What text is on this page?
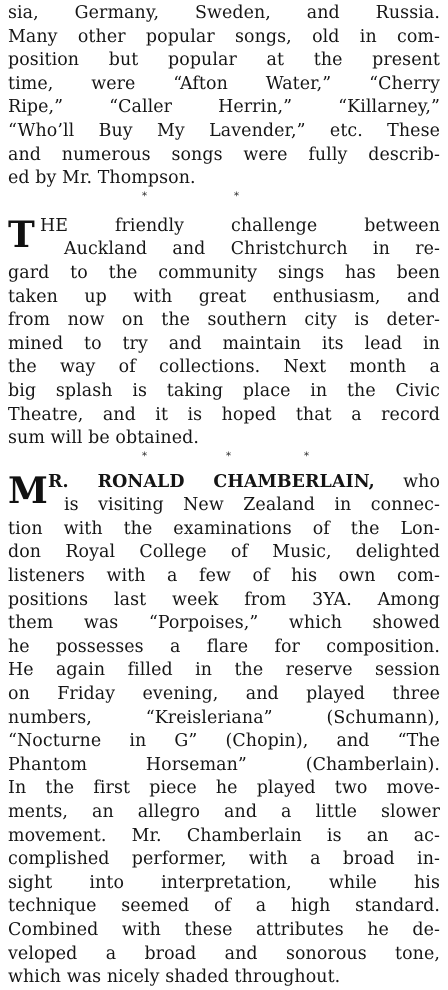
sia, Germany, Sweden, and Russia.
Many other popular songs, old in com-
position but popular at the present
time, were “Afton Water,” “Cherry
Ripe,” “Caller Herrin,” “Killarney,”
“Who’ll Buy My Lavender,” etc. These
and numerous songs were fully describ-
ed by Mr. Thompson.
*	*
T HE friendly challenge between
Auckland and Christchurch in re-
gard to the community sings has been
taken up with great enthusiasm, and
from now on the southern city is deter-
mined to try and maintain its lead in
the way of collections. Next month a
big splash is taking place in the Civic
Theatre, and it is hoped that a record
sum will be obtained.
*	*	*
M R. RONALD CHAMBERLAIN, who
is visiting New Zealand in connec-
tion with the examinations of the Lon-
don Royal College of Music, delighted
listeners with a few of his own com-
positions last week from 3YA. Among
them was “Porpoises,” which showed
he possesses a flare for composition.
He again filled in the reserve session
on Friday evening, and played three
numbers, “Kreisleriana” (Schumann),
“Nocturne in G” (Chopin), and “The
Phantom Horseman” (Chamberlain).
In the first piece he played two move-
ments, an allegro and a little slower
movement. Mr. Chamberlain is an ac-
complished performer, with a broad in-
sight into interpretation, while his
technique seemed of a high standard.
Combined with these attributes he de-
veloped a broad and sonorous tone,
which was nicely shaded throughout.
